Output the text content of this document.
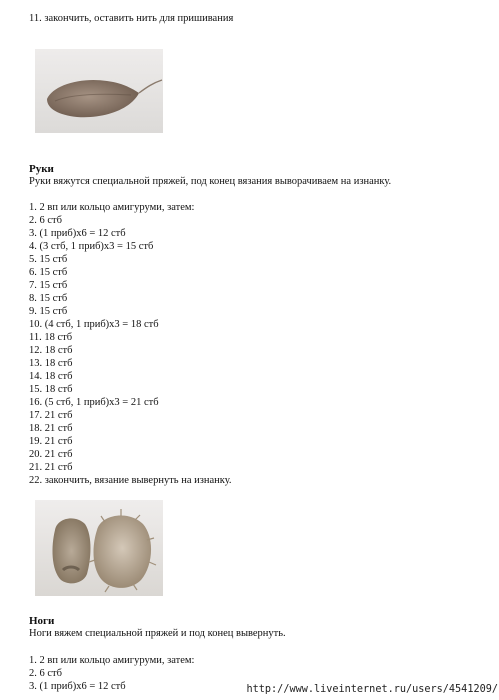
11. закончить, оставить нить для пришивания
Руки
Руки вяжутся специальной пряжей, под конец вязания выворачиваем на изнанку.
1. 2 вп или кольцо амигуруми, затем:
2. 6 стб
3. (1 приб)х6 = 12 стб
4. (3 стб, 1 приб)х3 = 15 стб
5. 15 стб
6. 15 стб
7. 15 стб
8. 15 стб
9. 15 стб
10. (4 стб, 1 приб)х3 = 18 стб
11. 18 стб
12. 18 стб
13. 18 стб
14. 18 стб
15. 18 стб
16. (5 стб, 1 приб)х3 = 21 стб
17. 21 стб
18. 21 стб
19. 21 стб
20. 21 стб
21. 21 стб
22. закончить, вязание вывернуть на изнанку.
Ноги
Ноги вяжем специальной пряжей и под конец вывернуть.
1. 2 вп или кольцо амигуруми, затем:
2. 6 стб
3. (1 приб)х6 = 12 стб	http://www.liveinternet.ru/users/4541209/
